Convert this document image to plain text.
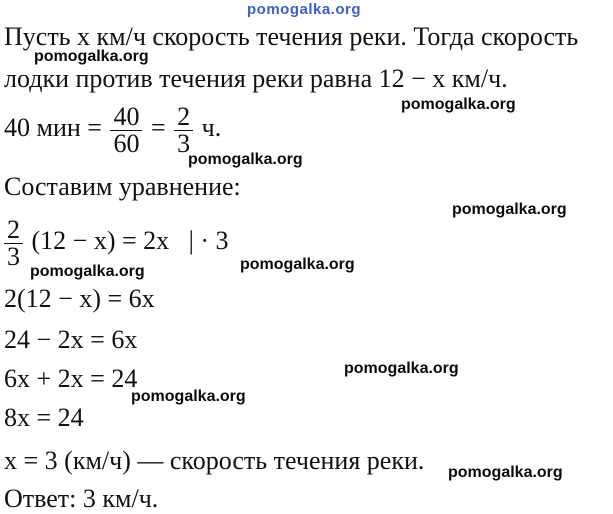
pomogalka.org
Пусть x км/ч скорость течения реки. Тогда скорость
лодки против течения реки равна 12 − x км/ч.
40 мин = $\frac{40}{60} = \frac{2}{3} ч$.
Составим уравнение:
$\frac{2}{3} (12 - x) = 2x$   | · 3
2(12 − x) = 6x
24 − 2x = 6x
6x + 2x = 24
8x = 24
x = 3 (км/ч) — скорость течения реки.
Ответ: 3 км/ч.
pomogalka.org
pomogalka.org
pomogalka.org
pomogalka.org
pomogalka.org
pomogalka.org
pomogalka.org
pomogalka.org
pomogalka.org
